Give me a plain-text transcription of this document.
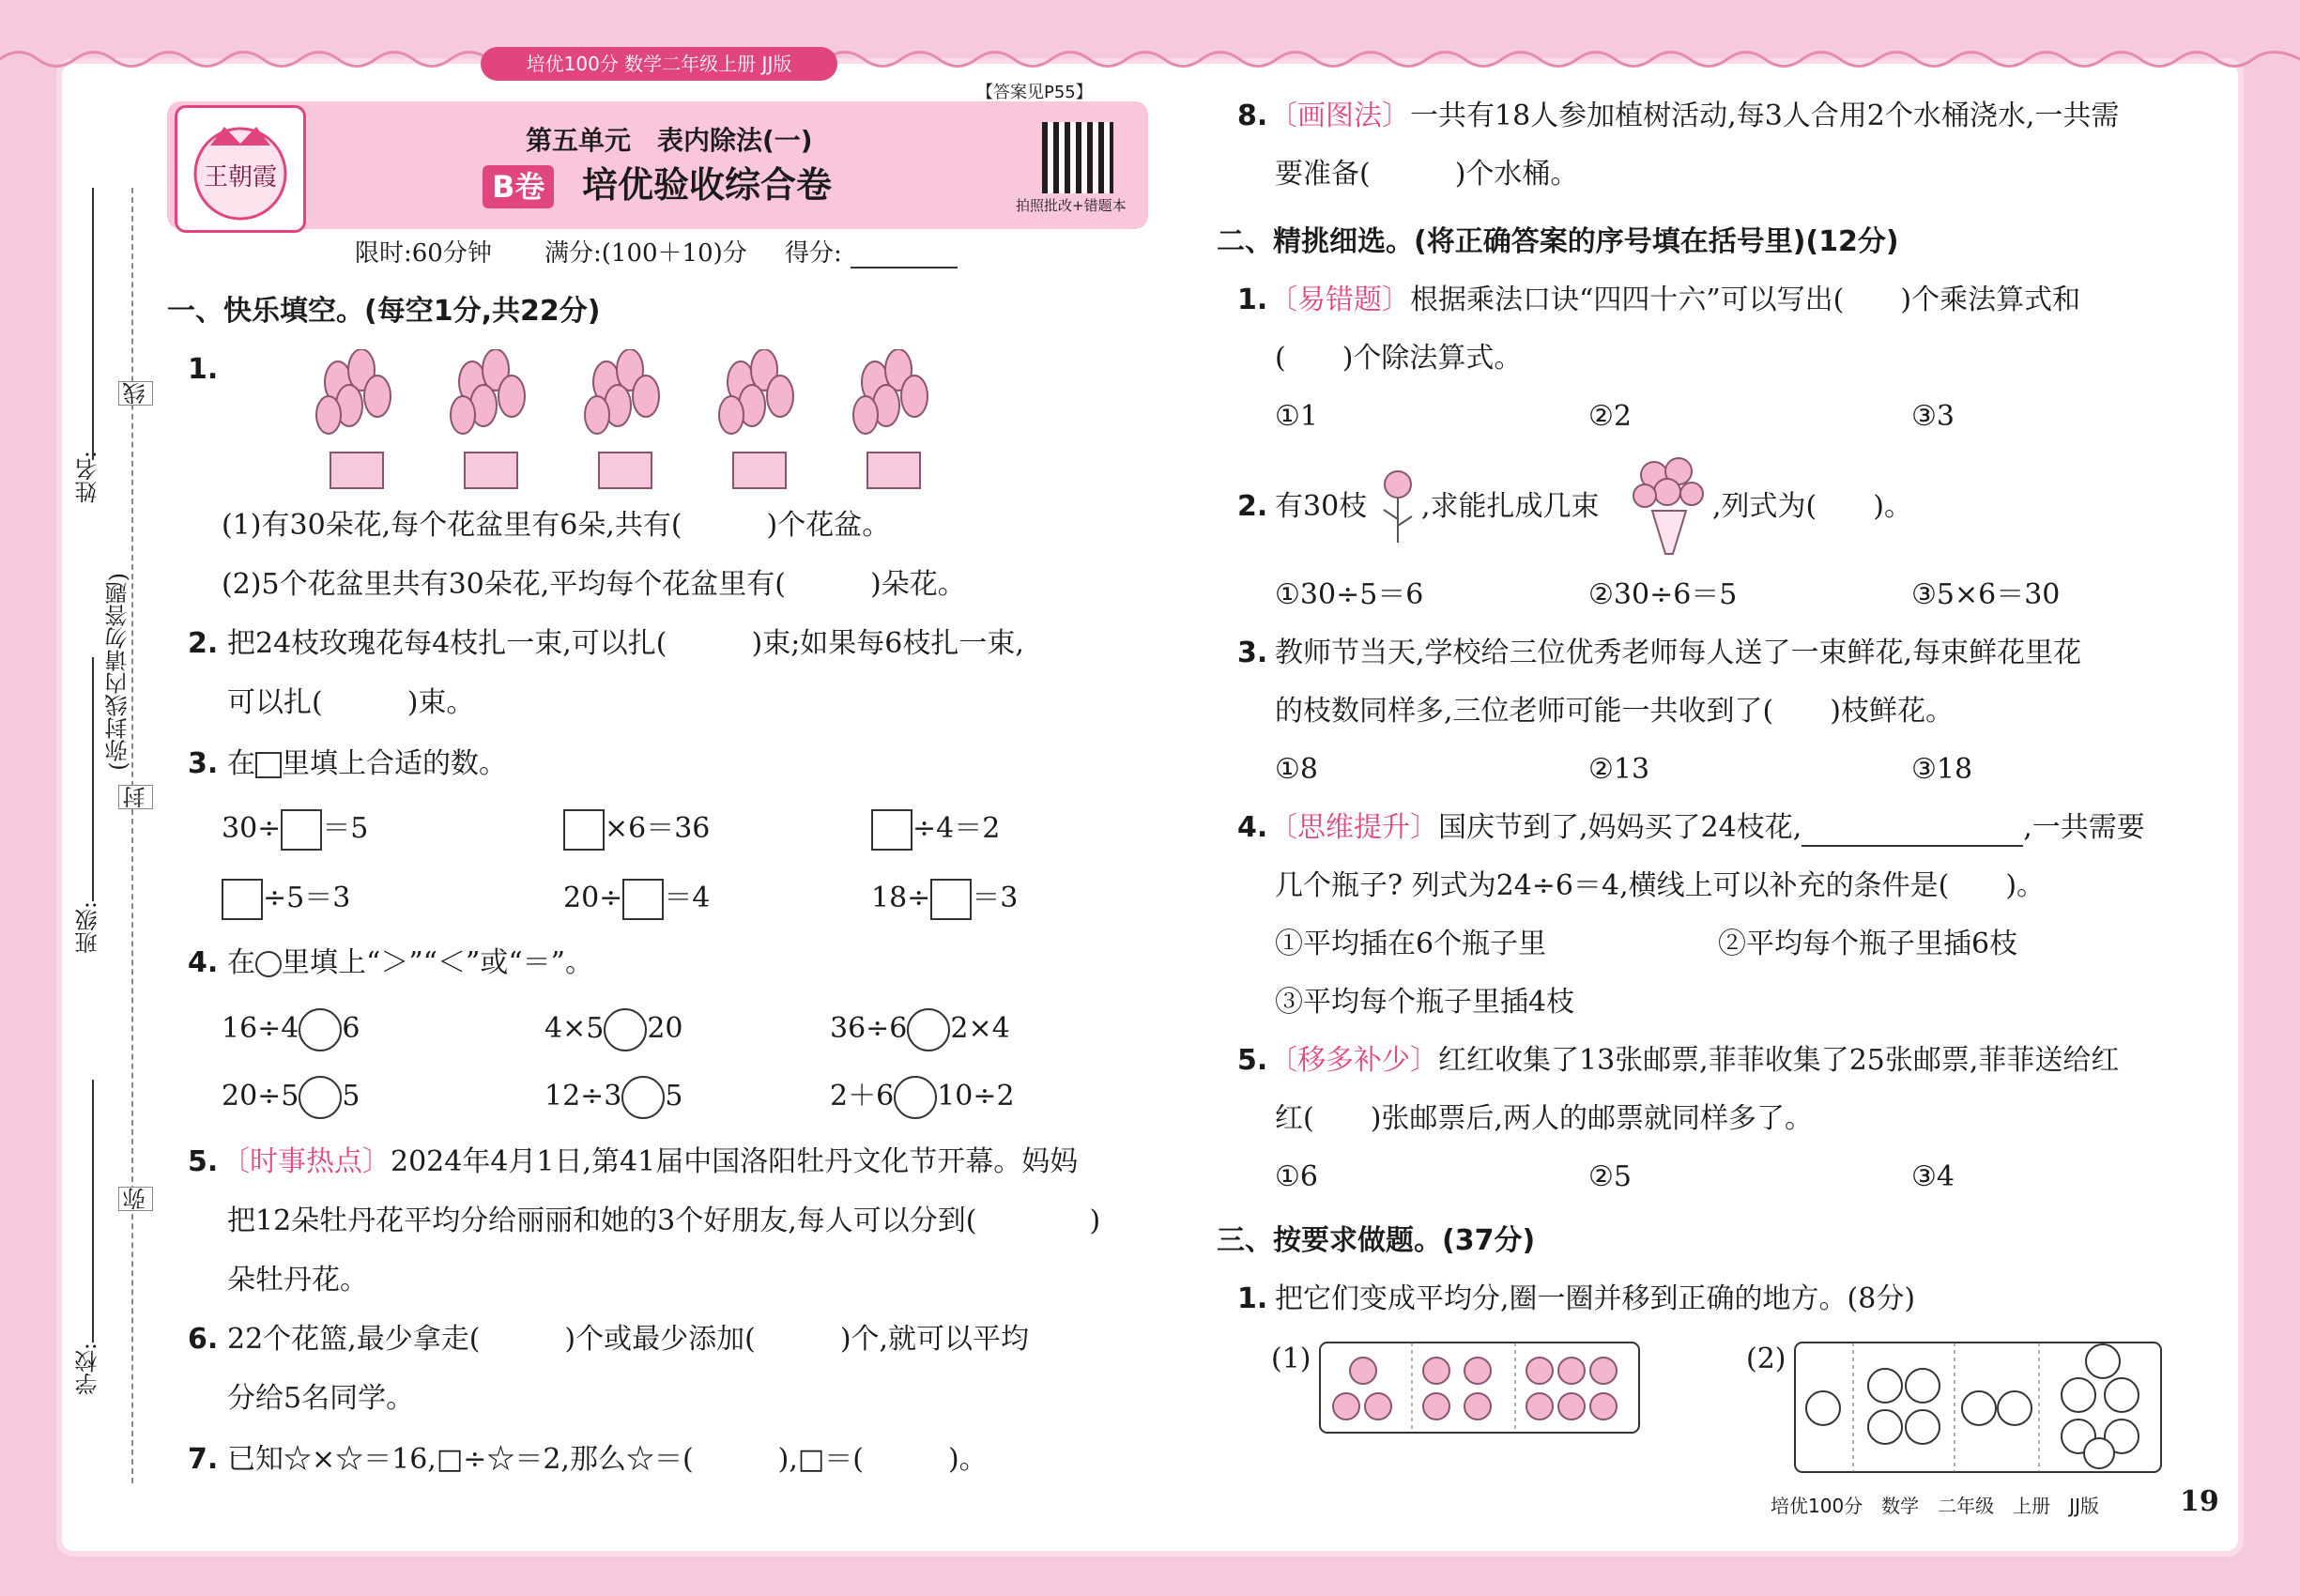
培优100分 数学二年级上册 JJ版
姓名:
班级:
学校:
(弥封线内请勿答题)
线
封
弥
王朝霞
【答案见P55】
第五单元　表内除法(一)
B卷 培优验收综合卷	拍照批改+错题本
限时:60分钟 满分:(100＋10)分 得分:
一、快乐填空。(每空1分,共22分)
1.
(1)有30朵花,每个花盆里有6朵,共有(　　　)个花盆。
(2)5个花盆里共有30朵花,平均每个花盆里有(　　　)朵花。
2. 把24枝玫瑰花每4枝扎一束,可以扎(　　　)束;如果每6枝扎一束,
可以扎(　　　)束。
3. 在 里填上合适的数。
30÷ ＝5	×6＝36	÷4＝2
÷5＝3	20÷ ＝4	18÷ ＝3
4. 在 里填上“＞”“＜”或“＝”。
16÷4 6	4×5 20	36÷6 2×4
20÷5 5	12÷3 5	2＋6 10÷2
5. 〔时事热点〕2024年4月1日,第41届中国洛阳牡丹文化节开幕。妈妈
把12朵牡丹花平均分给丽丽和她的3个好朋友,每人可以分到(　　　　)
朵牡丹花。
6. 22个花篮,最少拿走(　　　)个或最少添加(　　　)个,就可以平均
分给5名同学。
7. 已知☆×☆＝16,□÷☆＝2,那么☆＝(　　　),□＝(　　　)。
8. 〔画图法〕一共有18人参加植树活动,每3人合用2个水桶浇水,一共需
要准备(　　　)个水桶。
二、精挑细选。(将正确答案的序号填在括号里)(12分)
1. 〔易错题〕根据乘法口诀“四四十六”可以写出(　　)个乘法算式和
(　　)个除法算式。
①1	②2	③3
2. 有30枝 ,求能扎成几束	,列式为(　　)。
①30÷5＝6	②30÷6＝5	③5×6＝30
3. 教师节当天,学校给三位优秀老师每人送了一束鲜花,每束鲜花里花
的枝数同样多,三位老师可能一共收到了(　　)枝鲜花。
①8	②13	③18
4. 〔思维提升〕国庆节到了,妈妈买了24枝花,	,一共需要
几个瓶子? 列式为24÷6＝4,横线上可以补充的条件是(　　)。
①平均插在6个瓶子里	②平均每个瓶子里插6枝
③平均每个瓶子里插4枝
5. 〔移多补少〕红红收集了13张邮票,菲菲收集了25张邮票,菲菲送给红
红(　　)张邮票后,两人的邮票就同样多了。
①6	②5	③4
三、按要求做题。(37分)
1. 把它们变成平均分,圈一圈并移到正确的地方。(8分)
(1)	(2)
培优100分　数学　二年级　上册　JJ版	19
